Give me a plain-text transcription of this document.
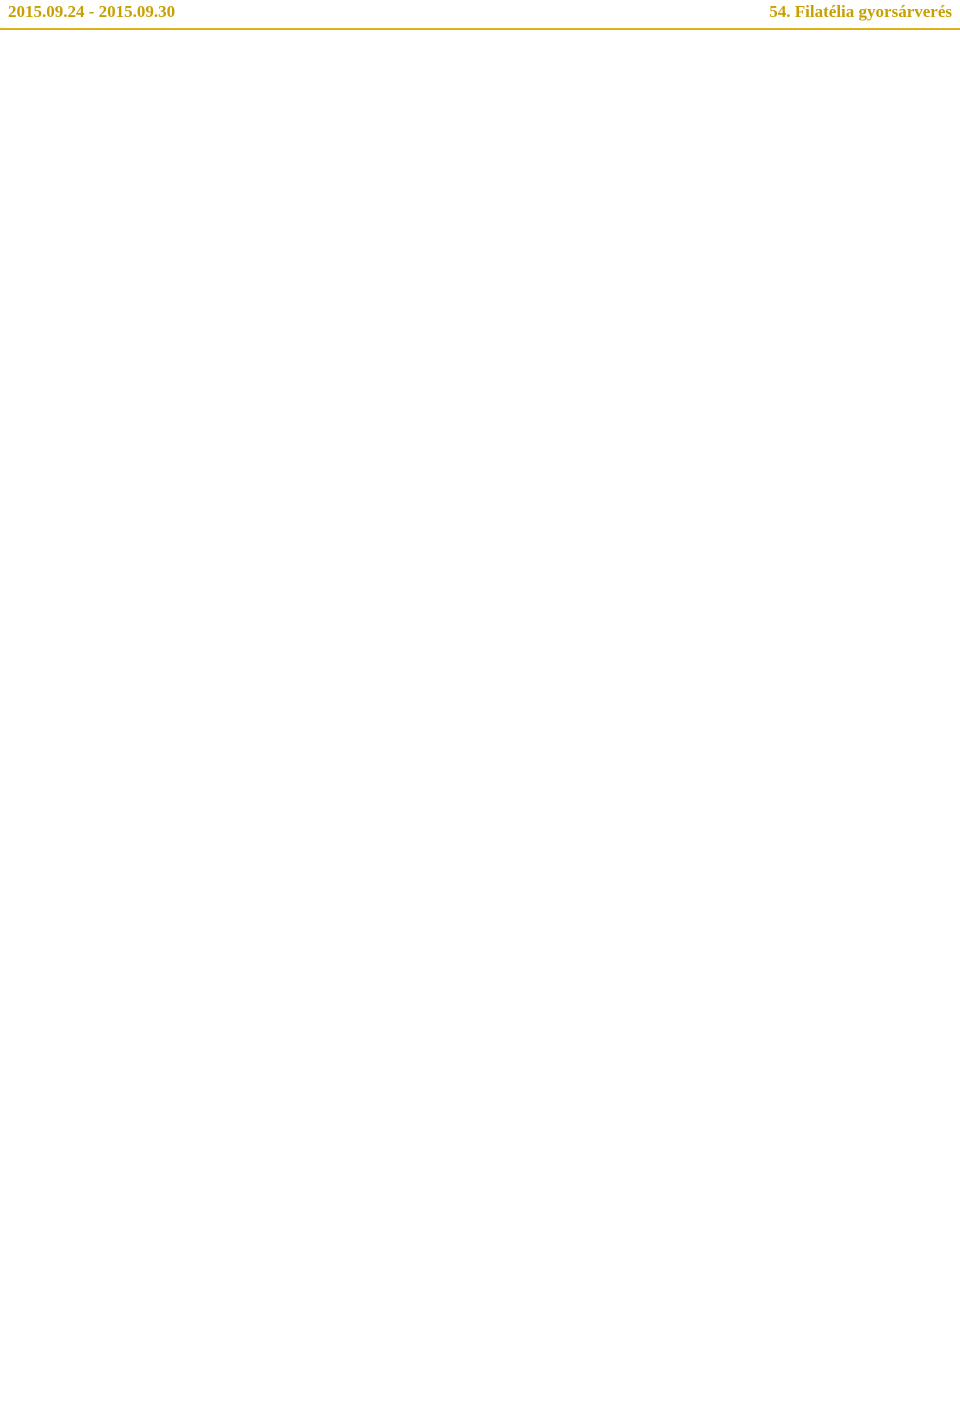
2015.09.24 - 2015.09.30	54. Filatélia gyorsárverés
